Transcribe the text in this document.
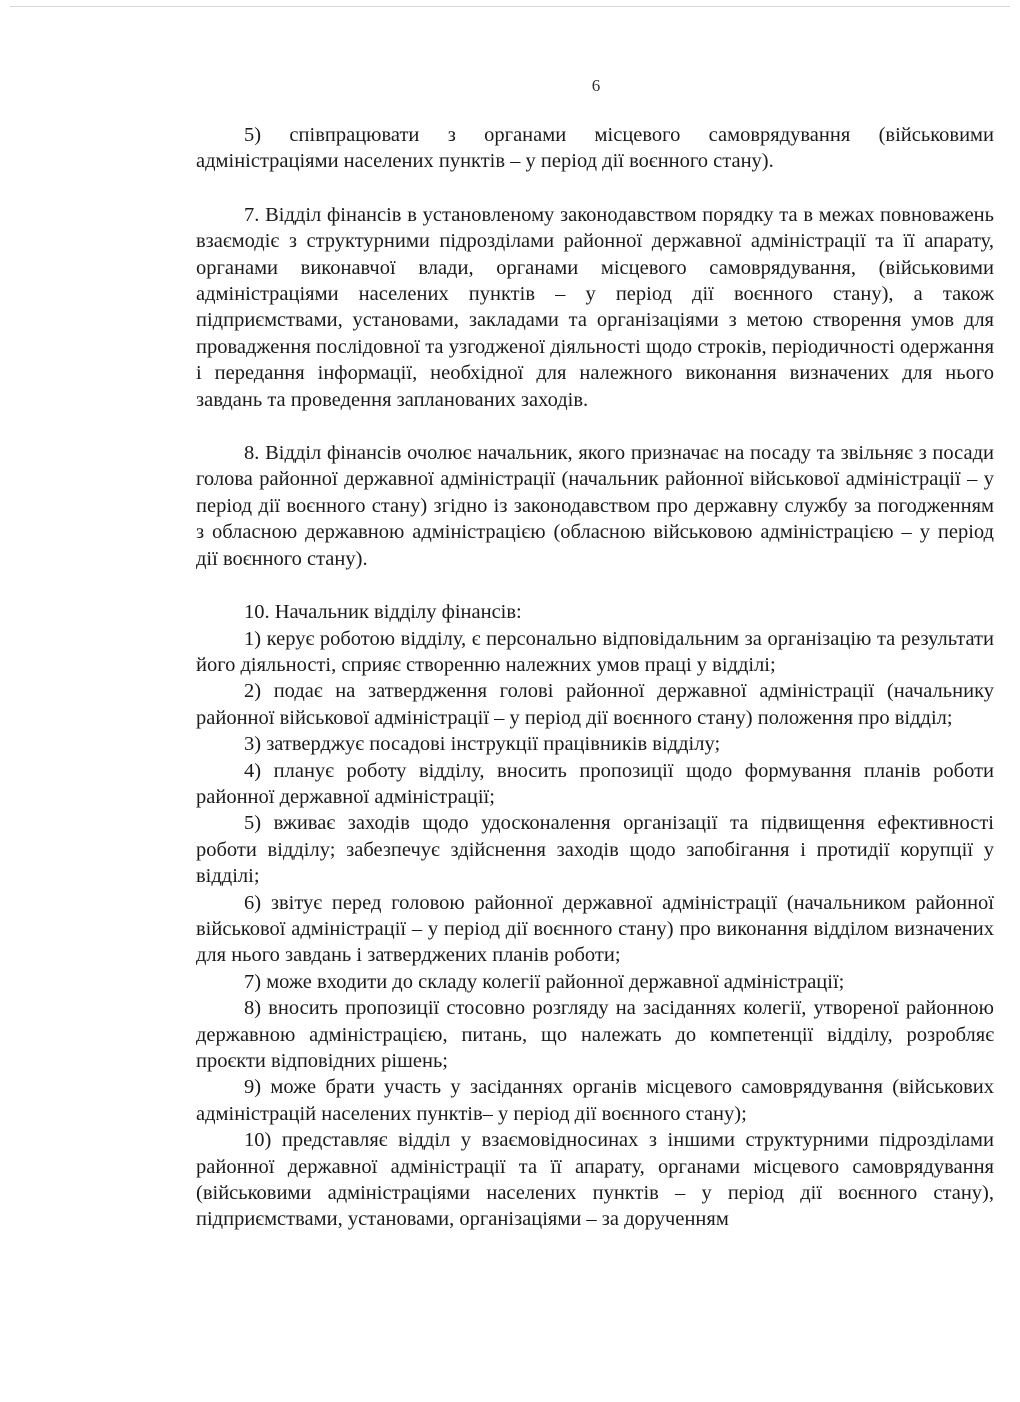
6

5) співпрацювати з органами місцевого самоврядування (військовими адміністраціями населених пунктів – у період дії воєнного стану).

7. Відділ фінансів в установленому законодавством порядку та в межах повноважень взаємодіє з структурними підрозділами районної державної адміністрації та її апарату, органами виконавчої влади, органами місцевого самоврядування, (військовими адміністраціями населених пунктів – у період дії воєнного стану), а також підприємствами, установами, закладами та організаціями з метою створення умов для провадження послідовної та узгодженої діяльності щодо строків, періодичності одержання і передання інформації, необхідної для належного виконання визначених для нього завдань та проведення запланованих заходів.

8. Відділ фінансів очолює начальник, якого призначає на посаду та звільняє з посади голова районної державної адміністрації (начальник районної військової адміністрації – у період дії воєнного стану) згідно із законодавством про державну службу за погодженням з обласною державною адміністрацією (обласною військовою адміністрацією – у період дії воєнного стану).

10. Начальник відділу фінансів:

1) керує роботою відділу, є персонально відповідальним за організацію та результати його діяльності, сприяє створенню належних умов праці у відділі;

2) подає на затвердження голові районної державної адміністрації (начальнику районної військової адміністрації – у період дії воєнного стану) положення про відділ;

3) затверджує посадові інструкції працівників відділу;

4) планує роботу відділу, вносить пропозиції щодо формування планів роботи районної державної адміністрації;

5) вживає заходів щодо удосконалення організації та підвищення ефективності роботи відділу; забезпечує здійснення заходів щодо запобігання і протидії корупції у відділі;

6) звітує перед головою районної державної адміністрації (начальником районної військової адміністрації – у період дії воєнного стану) про виконання відділом визначених для нього завдань і затверджених планів роботи;

7) може входити до складу колегії районної державної адміністрації;

8) вносить пропозиції стосовно розгляду на засіданнях колегії, утвореної районною державною адміністрацією, питань, що належать до компетенції відділу, розробляє проєкти відповідних рішень;

9) може брати участь у засіданнях органів місцевого самоврядування (військових адміністрацій населених пунктів– у період дії воєнного стану);

10) представляє відділ у взаємовідносинах з іншими структурними підрозділами районної державної адміністрації та її апарату, органами місцевого самоврядування (військовими адміністраціями населених пунктів – у період дії воєнного стану), підприємствами, установами, організаціями – за дорученням
